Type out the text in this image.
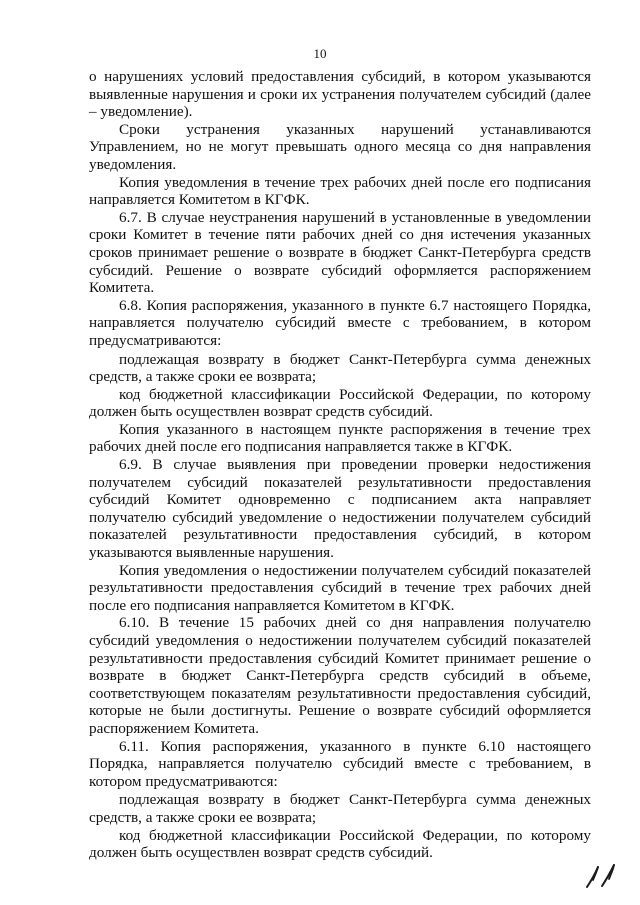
10

о нарушениях условий предоставления субсидий, в котором указываются выявленные нарушения и сроки их устранения получателем субсидий (далее – уведомление).

Сроки устранения указанных нарушений устанавливаются Управлением, но не могут превышать одного месяца со дня направления уведомления.

Копия уведомления в течение трех рабочих дней после его подписания направляется Комитетом в КГФК.

6.7. В случае неустранения нарушений в установленные в уведомлении сроки Комитет в течение пяти рабочих дней со дня истечения указанных сроков принимает решение о возврате в бюджет Санкт-Петербурга средств субсидий. Решение о возврате субсидий оформляется распоряжением Комитета.

6.8. Копия распоряжения, указанного в пункте 6.7 настоящего Порядка, направляется получателю субсидий вместе с требованием, в котором предусматриваются:

подлежащая возврату в бюджет Санкт-Петербурга сумма денежных средств, а также сроки ее возврата;

код бюджетной классификации Российской Федерации, по которому должен быть осуществлен возврат средств субсидий.

Копия указанного в настоящем пункте распоряжения в течение трех рабочих дней после его подписания направляется также в КГФК.

6.9. В случае выявления при проведении проверки недостижения получателем субсидий показателей результативности предоставления субсидий Комитет одновременно с подписанием акта направляет получателю субсидий уведомление о недостижении получателем субсидий показателей результативности предоставления субсидий, в котором указываются выявленные нарушения.

Копия уведомления о недостижении получателем субсидий показателей результативности предоставления субсидий в течение трех рабочих дней после его подписания направляется Комитетом в КГФК.

6.10. В течение 15 рабочих дней со дня направления получателю субсидий уведомления о недостижении получателем субсидий показателей результативности предоставления субсидий Комитет принимает решение о возврате в бюджет Санкт-Петербурга средств субсидий в объеме, соответствующем показателям результативности предоставления субсидий, которые не были достигнуты. Решение о возврате субсидий оформляется распоряжением Комитета.

6.11. Копия распоряжения, указанного в пункте 6.10 настоящего Порядка, направляется получателю субсидий вместе с требованием, в котором предусматриваются:

подлежащая возврату в бюджет Санкт-Петербурга сумма денежных средств, а также сроки ее возврата;

код бюджетной классификации Российской Федерации, по которому должен быть осуществлен возврат средств субсидий.
